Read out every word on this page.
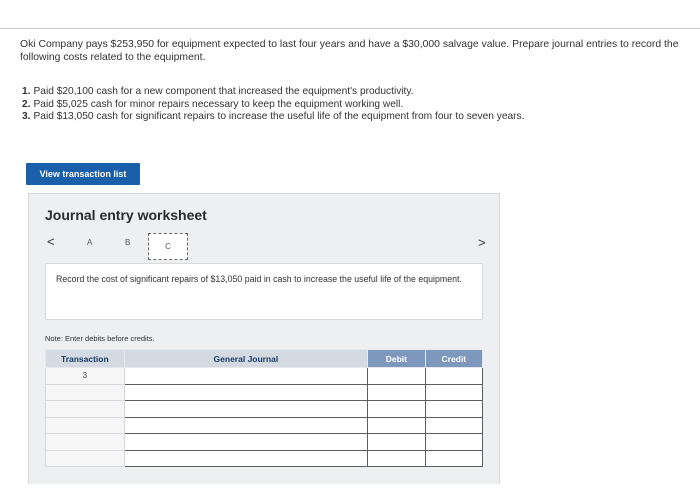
Oki Company pays $253,950 for equipment expected to last four years and have a $30,000 salvage value. Prepare journal entries to record the following costs related to the equipment.
1. Paid $20,100 cash for a new component that increased the equipment's productivity.
2. Paid $5,025 cash for minor repairs necessary to keep the equipment working well.
3. Paid $13,050 cash for significant repairs to increase the useful life of the equipment from four to seven years.
View transaction list
Journal entry worksheet
<	A	B	C	>
Record the cost of significant repairs of $13,050 paid in cash to increase the useful life of the equipment.
Note: Enter debits before credits.
Transaction	General Journal	Debit	Credit
3			
